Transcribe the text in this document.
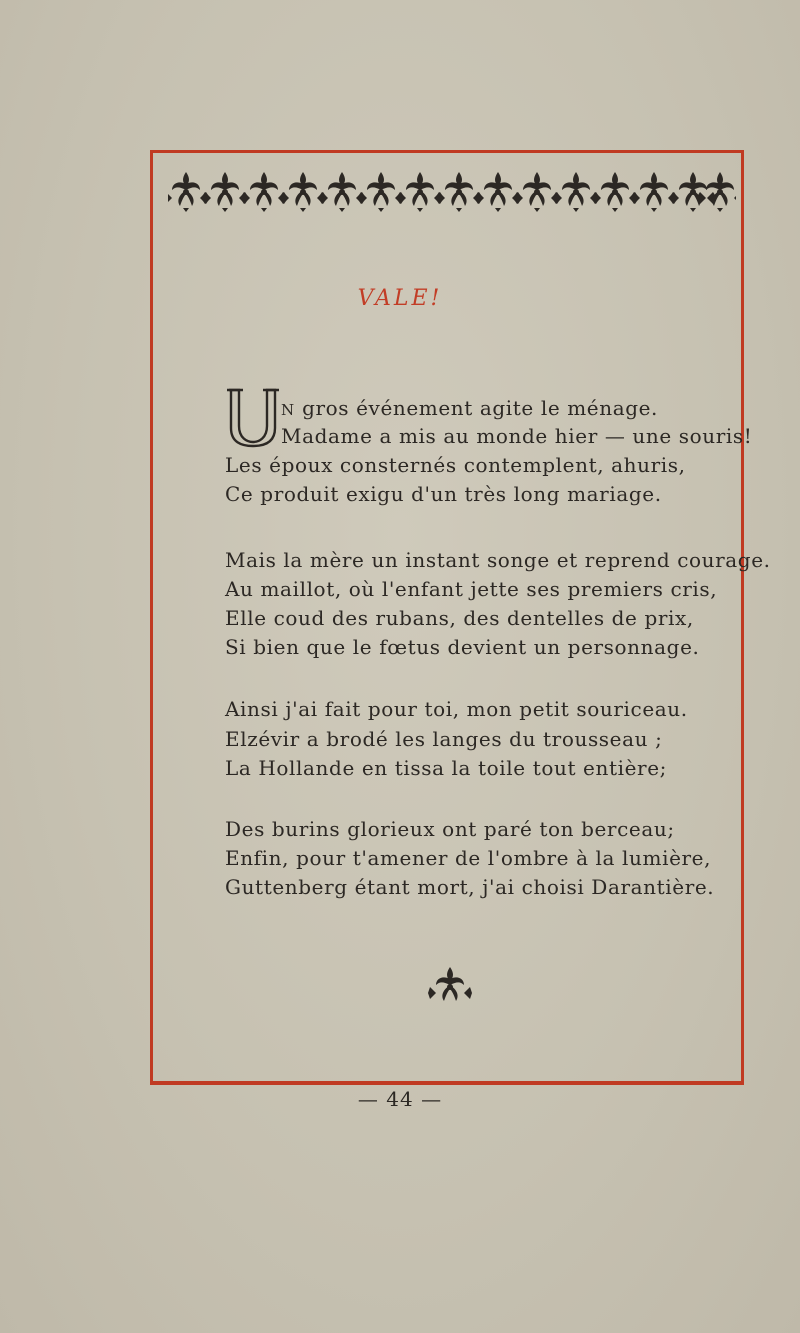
VALE!
U
N gros événement agite le ménage.
Madame a mis au monde hier — une souris!
Les époux consternés contemplent, ahuris,
Ce produit exigu d'un très long mariage.
Mais la mère un instant songe et reprend courage.
Au maillot, où l'enfant jette ses premiers cris,
Elle coud des rubans, des dentelles de prix,
Si bien que le fœtus devient un personnage.
Ainsi j'ai fait pour toi, mon petit souriceau.
Elzévir a brodé les langes du trousseau ;
La Hollande en tissa la toile tout entière;
Des burins glorieux ont paré ton berceau;
Enfin, pour t'amener de l'ombre à la lumière,
Guttenberg étant mort, j'ai choisi Darantière.
— 44 —
